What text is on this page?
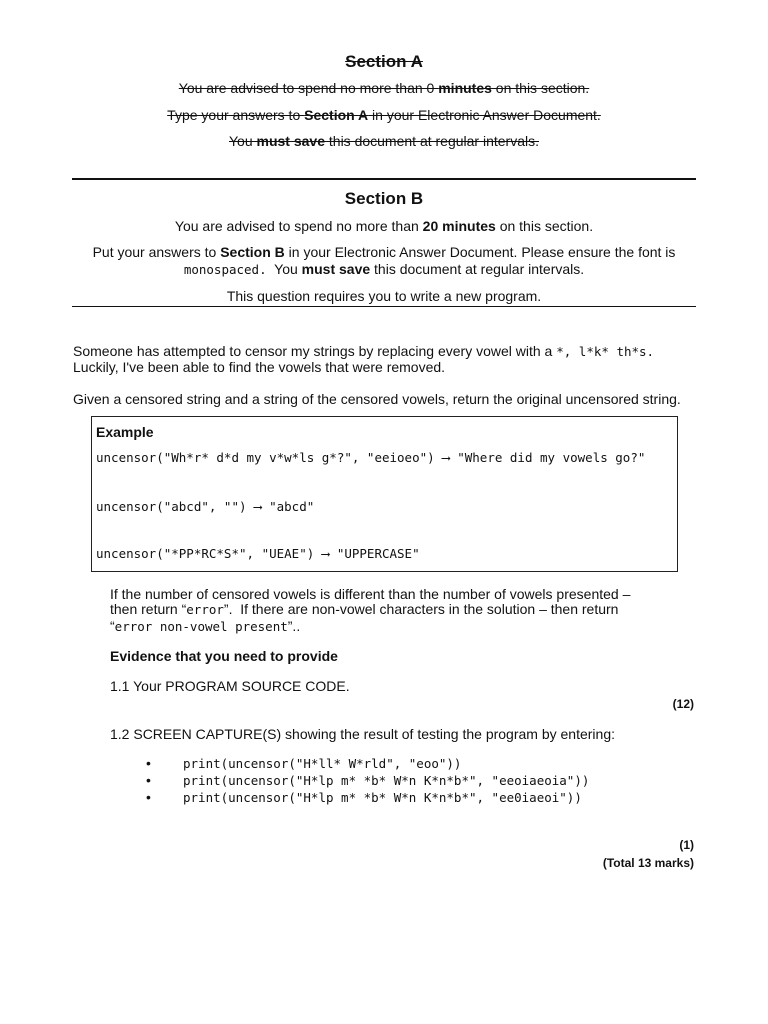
Section A
You are advised to spend no more than 0 minutes on this section.
Type your answers to Section A in your Electronic Answer Document.
You must save this document at regular intervals.
Section B
You are advised to spend no more than 20 minutes on this section.
Put your answers to Section B in your Electronic Answer Document. Please ensure the font is
monospaced.  You must save this document at regular intervals.
This question requires you to write a new program.
Someone has attempted to censor my strings by replacing every vowel with a *, l*k* th*s.
Luckily, I've been able to find the vowels that were removed.
Given a censored string and a string of the censored vowels, return the original uncensored string.
Example
uncensor("Wh*r* d*d my v*w*ls g*?", "eeioeo") ⟶ "Where did my vowels go?"
uncensor("abcd", "") ⟶ "abcd"
uncensor("*PP*RC*S*", "UEAE") ⟶ "UPPERCASE"
If the number of censored vowels is different than the number of vowels presented –
then return “error”.  If there are non-vowel characters in the solution – then return
“error non-vowel present”..
Evidence that you need to provide
1.1 Your PROGRAM SOURCE CODE.
(12)
1.2 SCREEN CAPTURE(S) showing the result of testing the program by entering:
•	print(uncensor("H*ll* W*rld", "eoo"))
•	print(uncensor("H*lp m* *b* W*n K*n*b*", "eeoiaeoia"))
•	print(uncensor("H*lp m* *b* W*n K*n*b*", "ee0iaeoi"))
(1)
(Total 13 marks)
